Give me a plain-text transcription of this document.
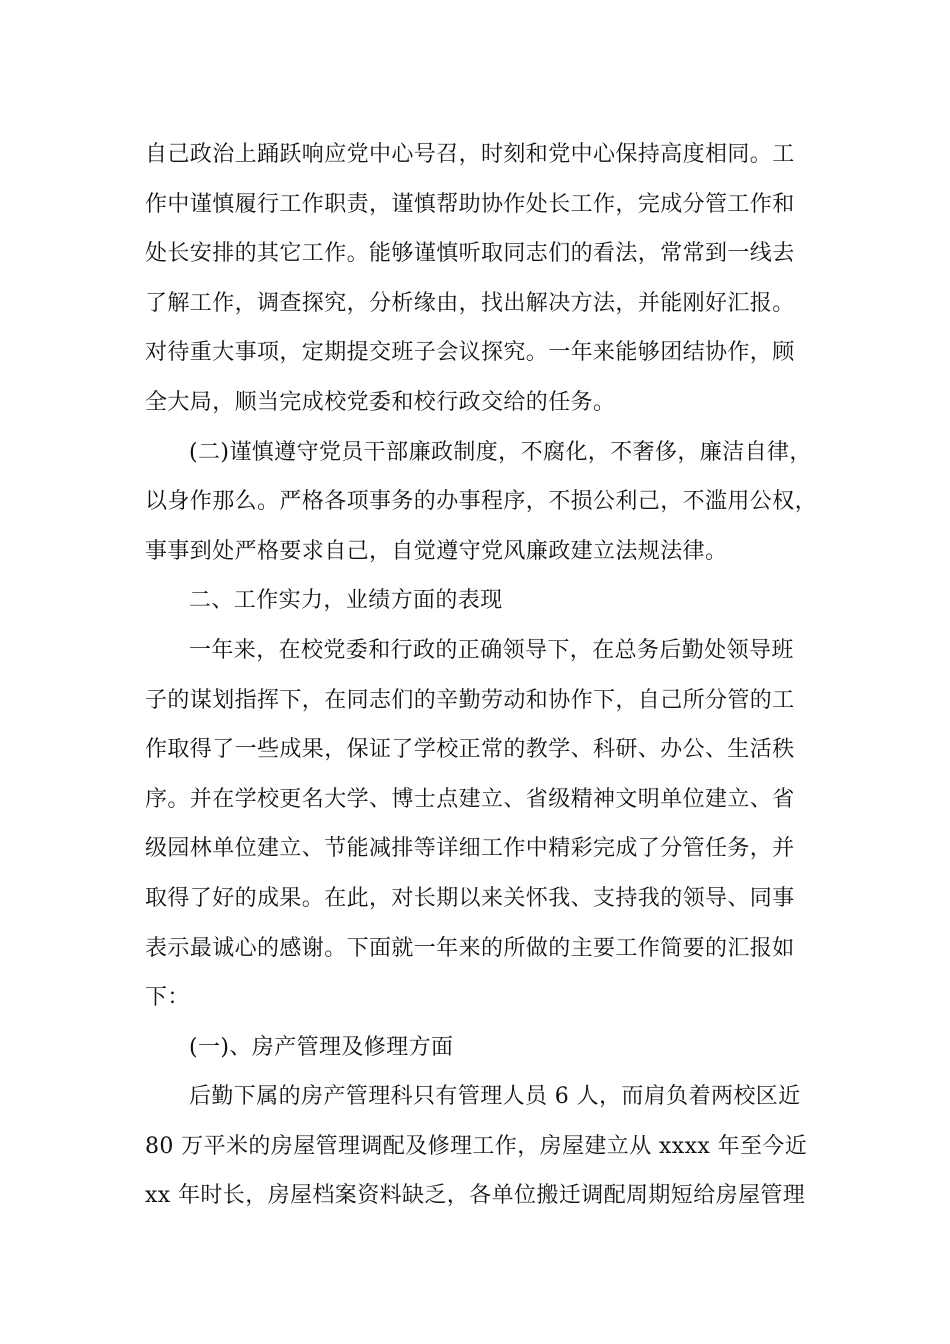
自己政治上踊跃响应党中心号召，时刻和党中心保持高度相同。工
作中谨慎履行工作职责，谨慎帮助协作处长工作，完成分管工作和
处长安排的其它工作。能够谨慎听取同志们的看法，常常到一线去
了解工作，调查探究，分析缘由，找出解决方法，并能刚好汇报。
对待重大事项，定期提交班子会议探究。一年来能够团结协作，顾
全大局，顺当完成校党委和校行政交给的任务。
(二)谨慎遵守党员干部廉政制度，不腐化，不奢侈，廉洁自律，
以身作那么。严格各项事务的办事程序，不损公利己，不滥用公权，
事事到处严格要求自己，自觉遵守党风廉政建立法规法律。
二、工作实力，业绩方面的表现
一年来，在校党委和行政的正确领导下，在总务后勤处领导班
子的谋划指挥下，在同志们的辛勤劳动和协作下，自己所分管的工
作取得了一些成果，保证了学校正常的教学、科研、办公、生活秩
序。并在学校更名大学、博士点建立、省级精神文明单位建立、省
级园林单位建立、节能减排等详细工作中精彩完成了分管任务，并
取得了好的成果。在此，对长期以来关怀我、支持我的领导、同事
表示最诚心的感谢。下面就一年来的所做的主要工作简要的汇报如
下：
(一)、房产管理及修理方面
后勤下属的房产管理科只有管理人员 6 人，而肩负着两校区近
80 万平米的房屋管理调配及修理工作，房屋建立从 xxxx 年至今近
xx 年时长，房屋档案资料缺乏，各单位搬迁调配周期短给房屋管理
